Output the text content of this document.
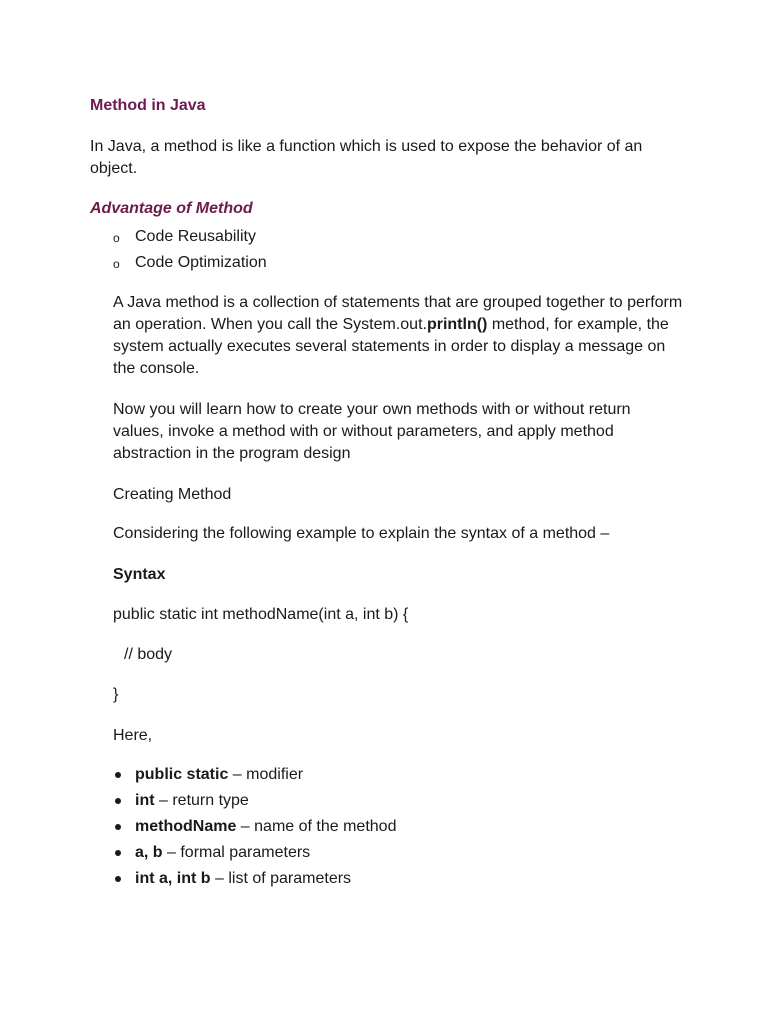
Method in Java

In Java, a method is like a function which is used to expose the behavior of an object.

Advantage of Method
o Code Reusability
o Code Optimization

A Java method is a collection of statements that are grouped together to perform an operation. When you call the System.out.println() method, for example, the system actually executes several statements in order to display a message on the console.

Now you will learn how to create your own methods with or without return values, invoke a method with or without parameters, and apply method abstraction in the program design

Creating Method

Considering the following example to explain the syntax of a method –

Syntax

public static int methodName(int a, int b) {

// body

}

Here,

public static – modifier
int – return type
methodName – name of the method
a, b – formal parameters
int a, int b – list of parameters
